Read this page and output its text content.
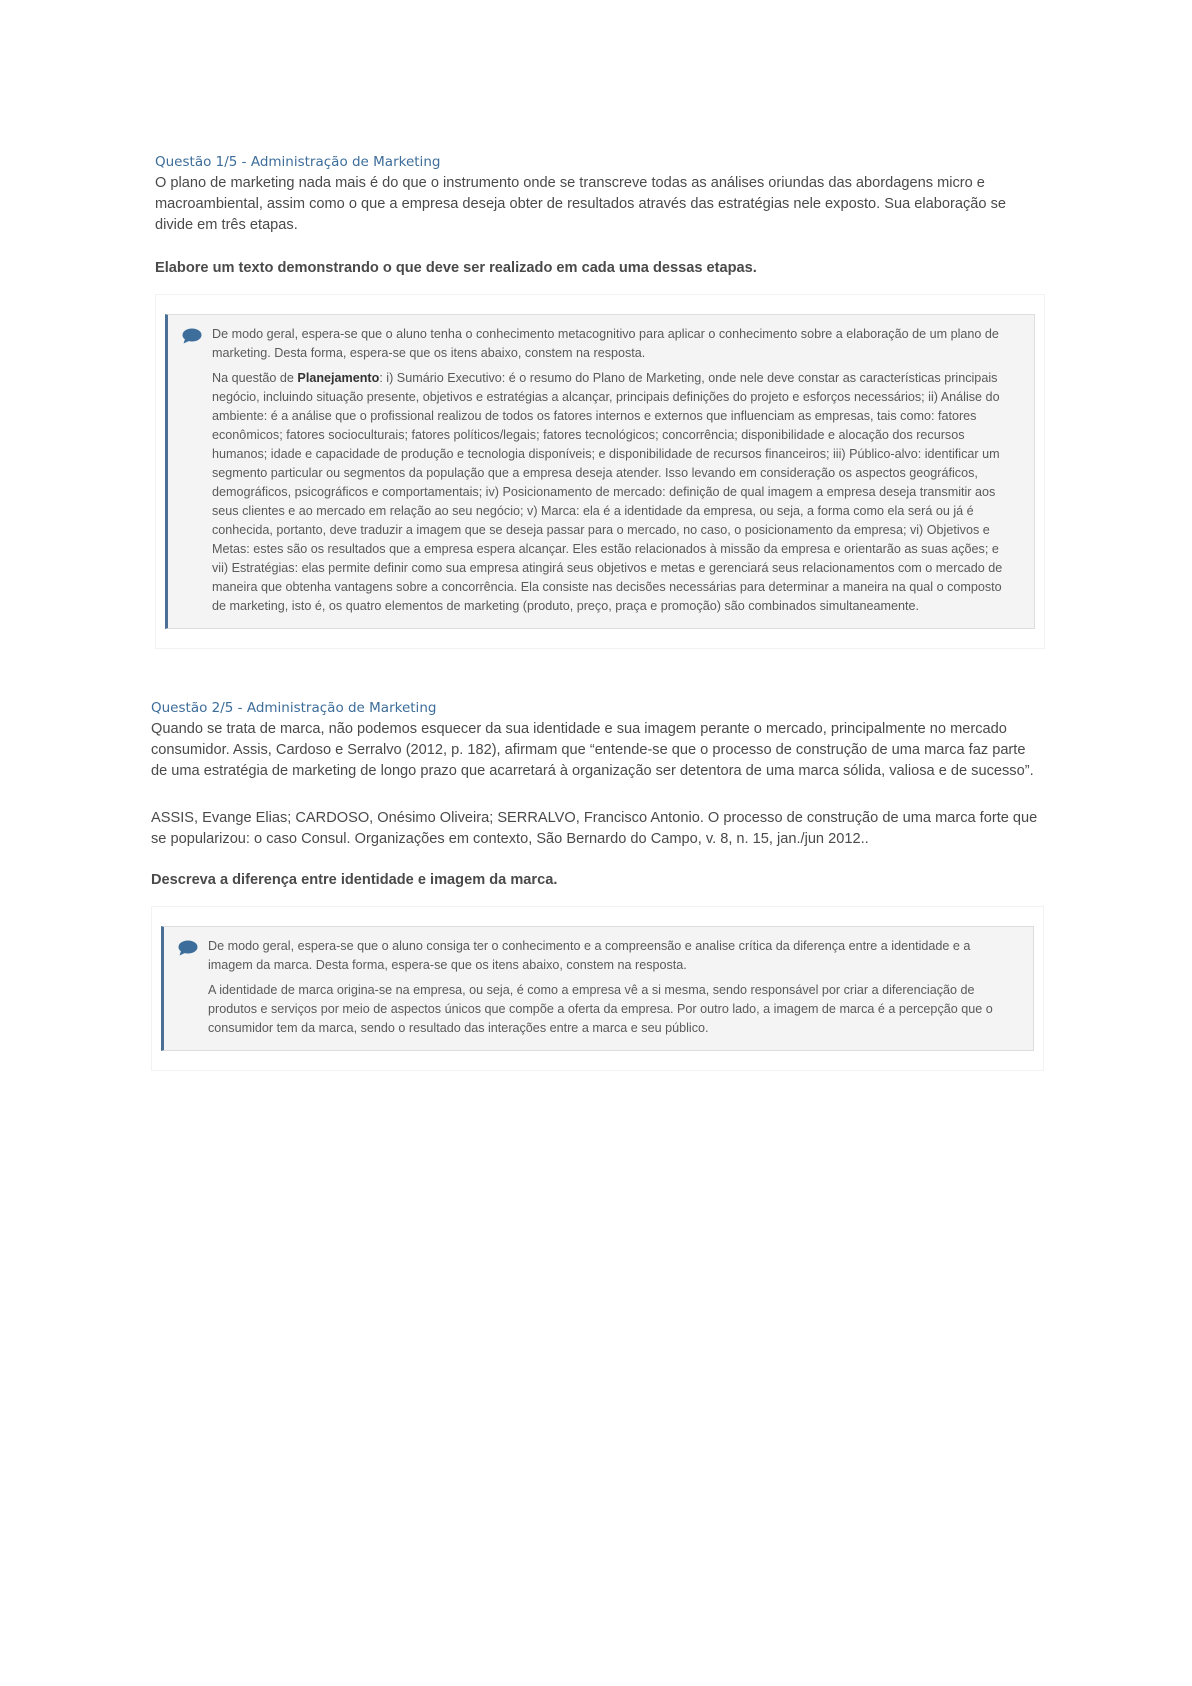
Questão 1/5 - Administração de Marketing

O plano de marketing nada mais é do que o instrumento onde se transcreve todas as análises oriundas das abordagens micro e macroambiental, assim como o que a empresa deseja obter de resultados através das estratégias nele exposto. Sua elaboração se divide em três etapas.

Elabore um texto demonstrando o que deve ser realizado em cada uma dessas etapas.

De modo geral, espera-se que o aluno tenha o conhecimento metacognitivo para aplicar o conhecimento sobre a elaboração de um plano de marketing. Desta forma, espera-se que os itens abaixo, constem na resposta.

Na questão de Planejamento: i) Sumário Executivo: é o resumo do Plano de Marketing, onde nele deve constar as características principais negócio, incluindo situação presente, objetivos e estratégias a alcançar, principais definições do projeto e esforços necessários; ii) Análise do ambiente: é a análise que o profissional realizou de todos os fatores internos e externos que influenciam as empresas, tais como: fatores econômicos; fatores socioculturais; fatores políticos/legais; fatores tecnológicos; concorrência; disponibilidade e alocação dos recursos humanos; idade e capacidade de produção e tecnologia disponíveis; e disponibilidade de recursos financeiros; iii) Público-alvo: identificar um segmento particular ou segmentos da população que a empresa deseja atender. Isso levando em consideração os aspectos geográficos, demográficos, psicográficos e comportamentais; iv) Posicionamento de mercado: definição de qual imagem a empresa deseja transmitir aos seus clientes e ao mercado em relação ao seu negócio; v) Marca: ela é a identidade da empresa, ou seja, a forma como ela será ou já é conhecida, portanto, deve traduzir a imagem que se deseja passar para o mercado, no caso, o posicionamento da empresa; vi) Objetivos e Metas: estes são os resultados que a empresa espera alcançar. Eles estão relacionados à missão da empresa e orientarão as suas ações; e vii) Estratégias: elas permite definir como sua empresa atingirá seus objetivos e metas e gerenciará seus relacionamentos com o mercado de maneira que obtenha vantagens sobre a concorrência. Ela consiste nas decisões necessárias para determinar a maneira na qual o composto de marketing, isto é, os quatro elementos de marketing (produto, preço, praça e promoção) são combinados simultaneamente.

Questão 2/5 - Administração de Marketing

Quando se trata de marca, não podemos esquecer da sua identidade e sua imagem perante o mercado, principalmente no mercado consumidor. Assis, Cardoso e Serralvo (2012, p. 182), afirmam que “entende-se que o processo de construção de uma marca faz parte de uma estratégia de marketing de longo prazo que acarretará à organização ser detentora de uma marca sólida, valiosa e de sucesso”.

ASSIS, Evange Elias; CARDOSO, Onésimo Oliveira; SERRALVO, Francisco Antonio. O processo de construção de uma marca forte que se popularizou: o caso Consul. Organizações em contexto, São Bernardo do Campo, v. 8, n. 15, jan./jun 2012..

Descreva a diferença entre identidade e imagem da marca.

De modo geral, espera-se que o aluno consiga ter o conhecimento e a compreensão e analise crítica da diferença entre a identidade e a imagem da marca. Desta forma, espera-se que os itens abaixo, constem na resposta.

A identidade de marca origina-se na empresa, ou seja, é como a empresa vê a si mesma, sendo responsável por criar a diferenciação de produtos e serviços por meio de aspectos únicos que compõe a oferta da empresa. Por outro lado, a imagem de marca é a percepção que o consumidor tem da marca, sendo o resultado das interações entre a marca e seu público.
